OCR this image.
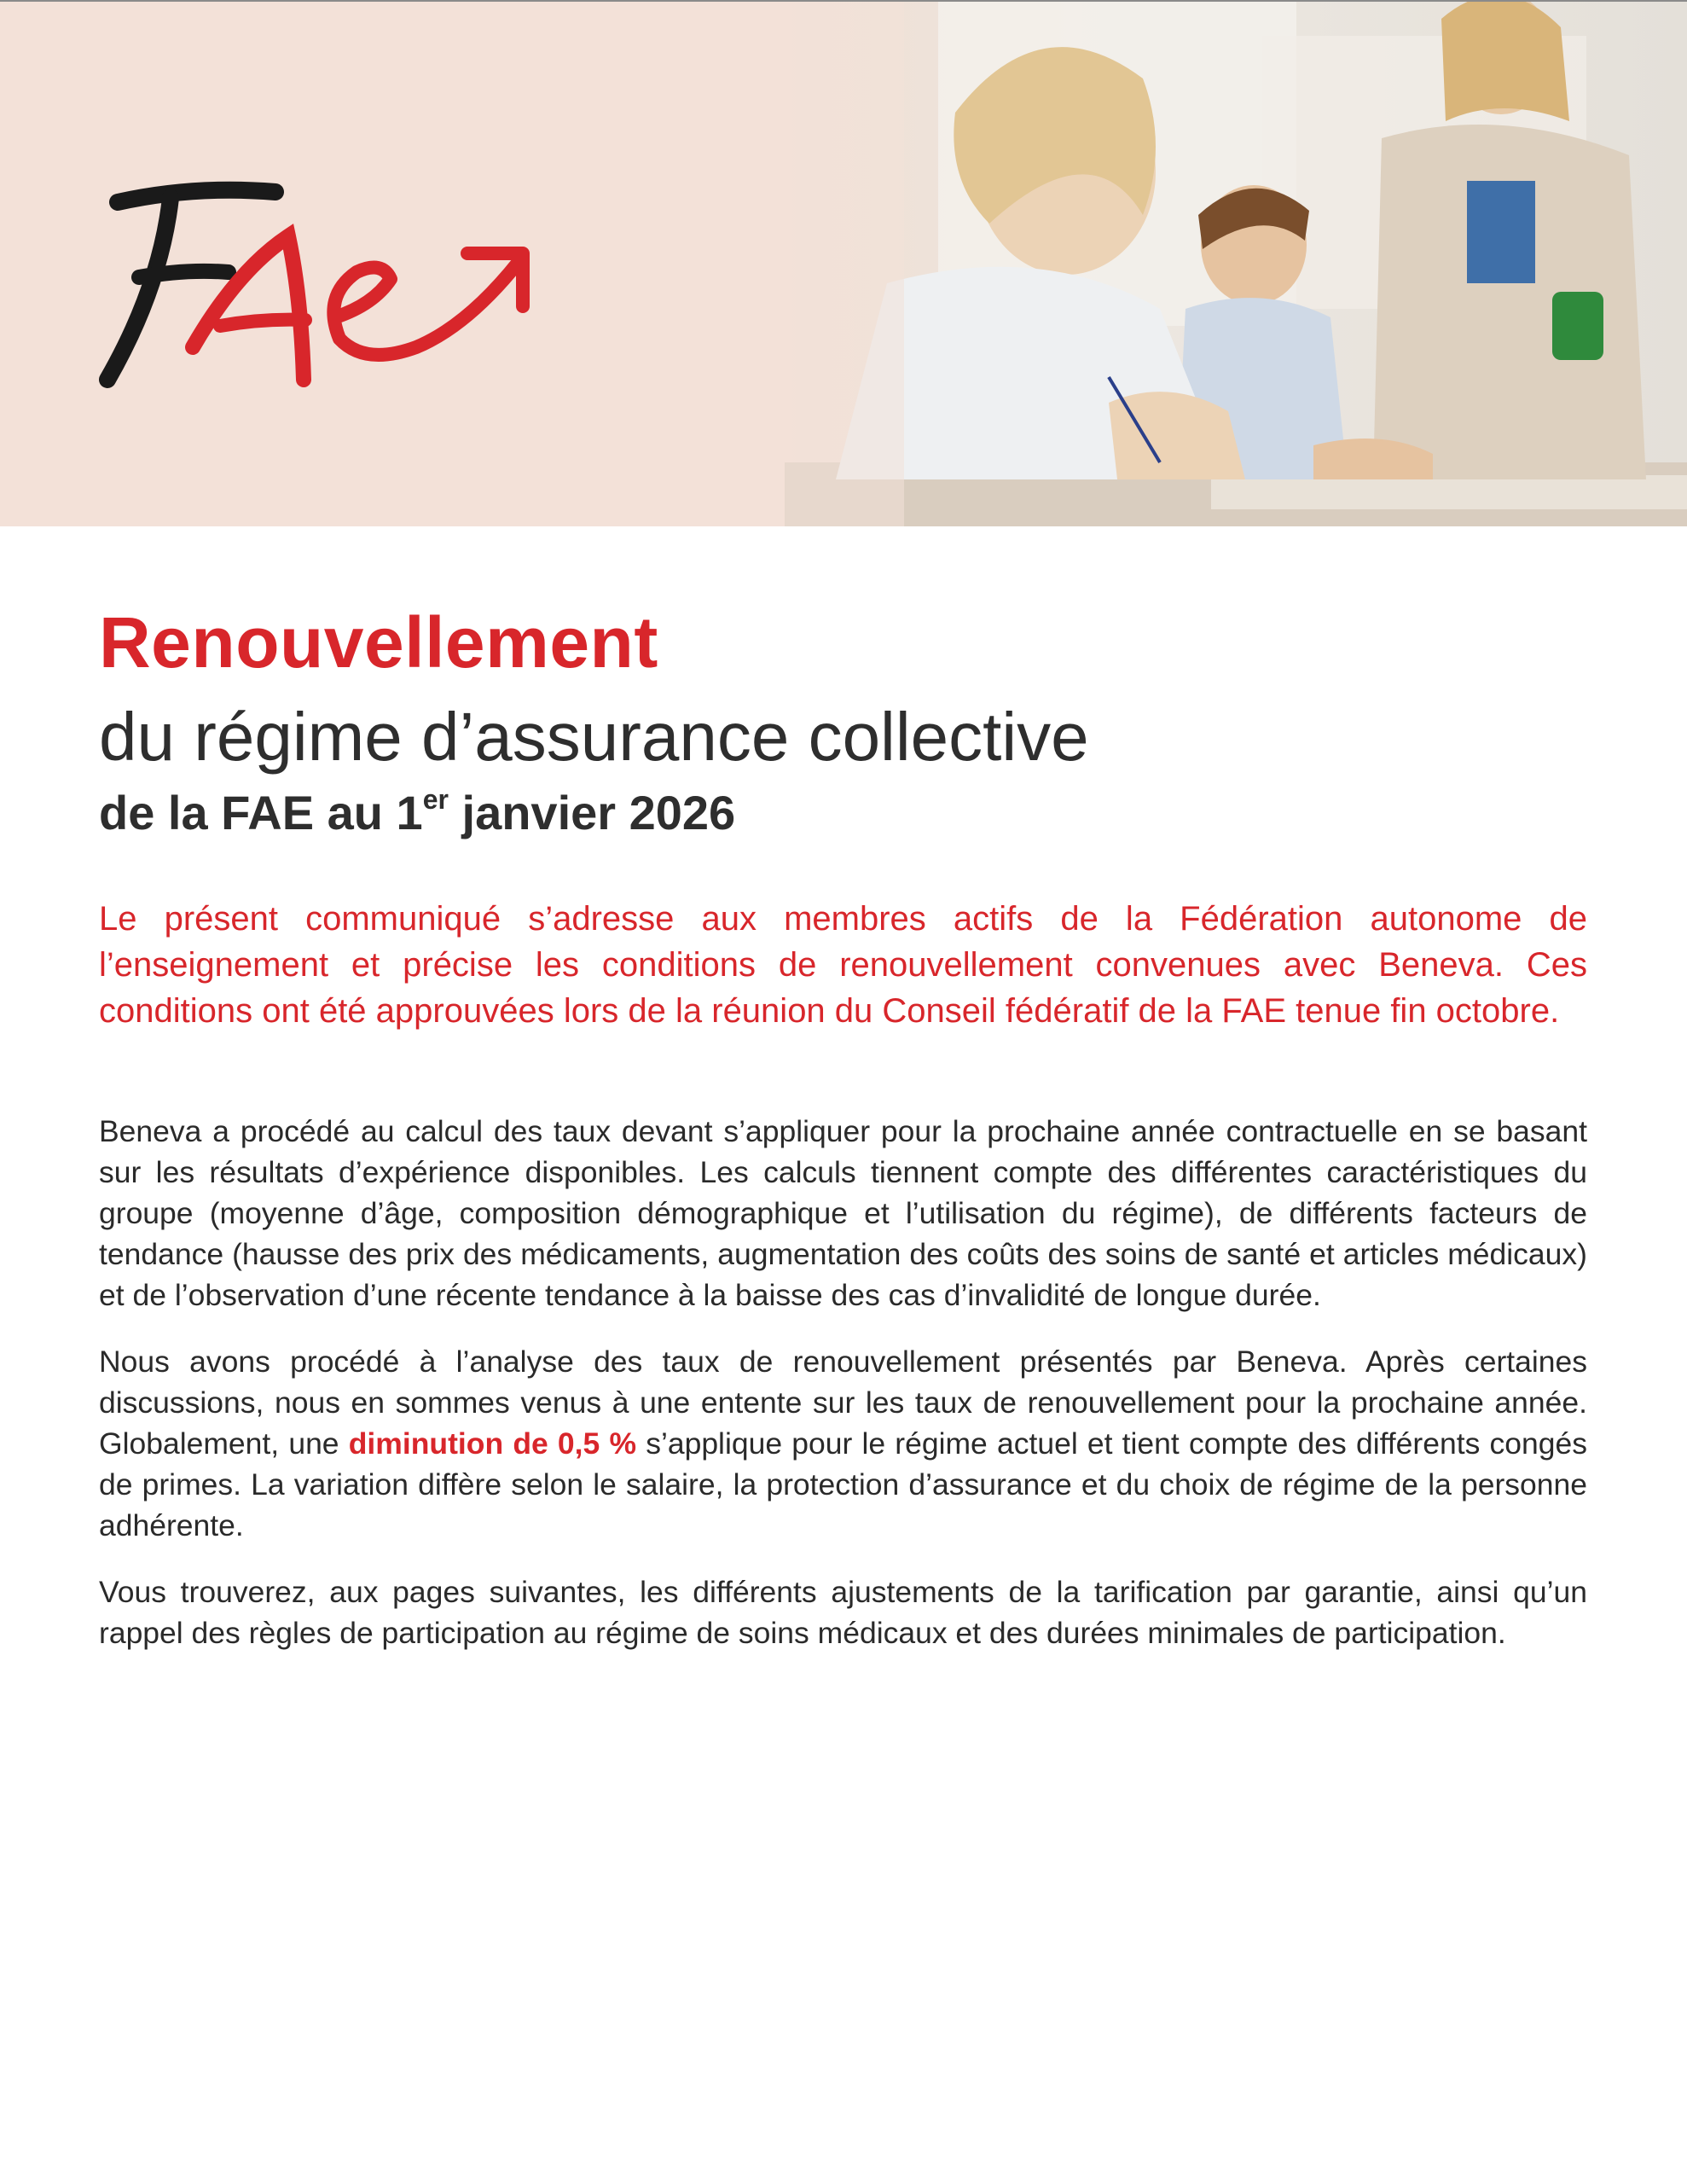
Renouvellement
du régime d’assurance collective
de la FAE au 1er janvier 2026

Le présent communiqué s’adresse aux membres actifs de la Fédération autonome de l’enseignement et précise les conditions de renouvellement convenues avec Beneva. Ces conditions ont été approuvées lors de la réunion du Conseil fédératif de la FAE tenue fin octobre.

Beneva a procédé au calcul des taux devant s’appliquer pour la prochaine année contractuelle en se basant sur les résultats d’expérience disponibles. Les calculs tiennent compte des différentes caractéristiques du groupe (moyenne d’âge, composition démographique et l’utilisation du régime), de différents facteurs de tendance (hausse des prix des médicaments, augmentation des coûts des soins de santé et articles médicaux) et de l’observation d’une récente tendance à la baisse des cas d’invalidité de longue durée.

Nous avons procédé à l’analyse des taux de renouvellement présentés par Beneva. Après certaines discussions, nous en sommes venus à une entente sur les taux de renouvellement pour la prochaine année. Globalement, une diminution de 0,5 % s’applique pour le régime actuel et tient compte des différents congés de primes. La variation diffère selon le salaire, la protection d’assurance et du choix de régime de la personne adhérente.

Vous trouverez, aux pages suivantes, les différents ajustements de la tarification par garantie, ainsi qu’un rappel des règles de participation au régime de soins médicaux et des durées minimales de participation.
